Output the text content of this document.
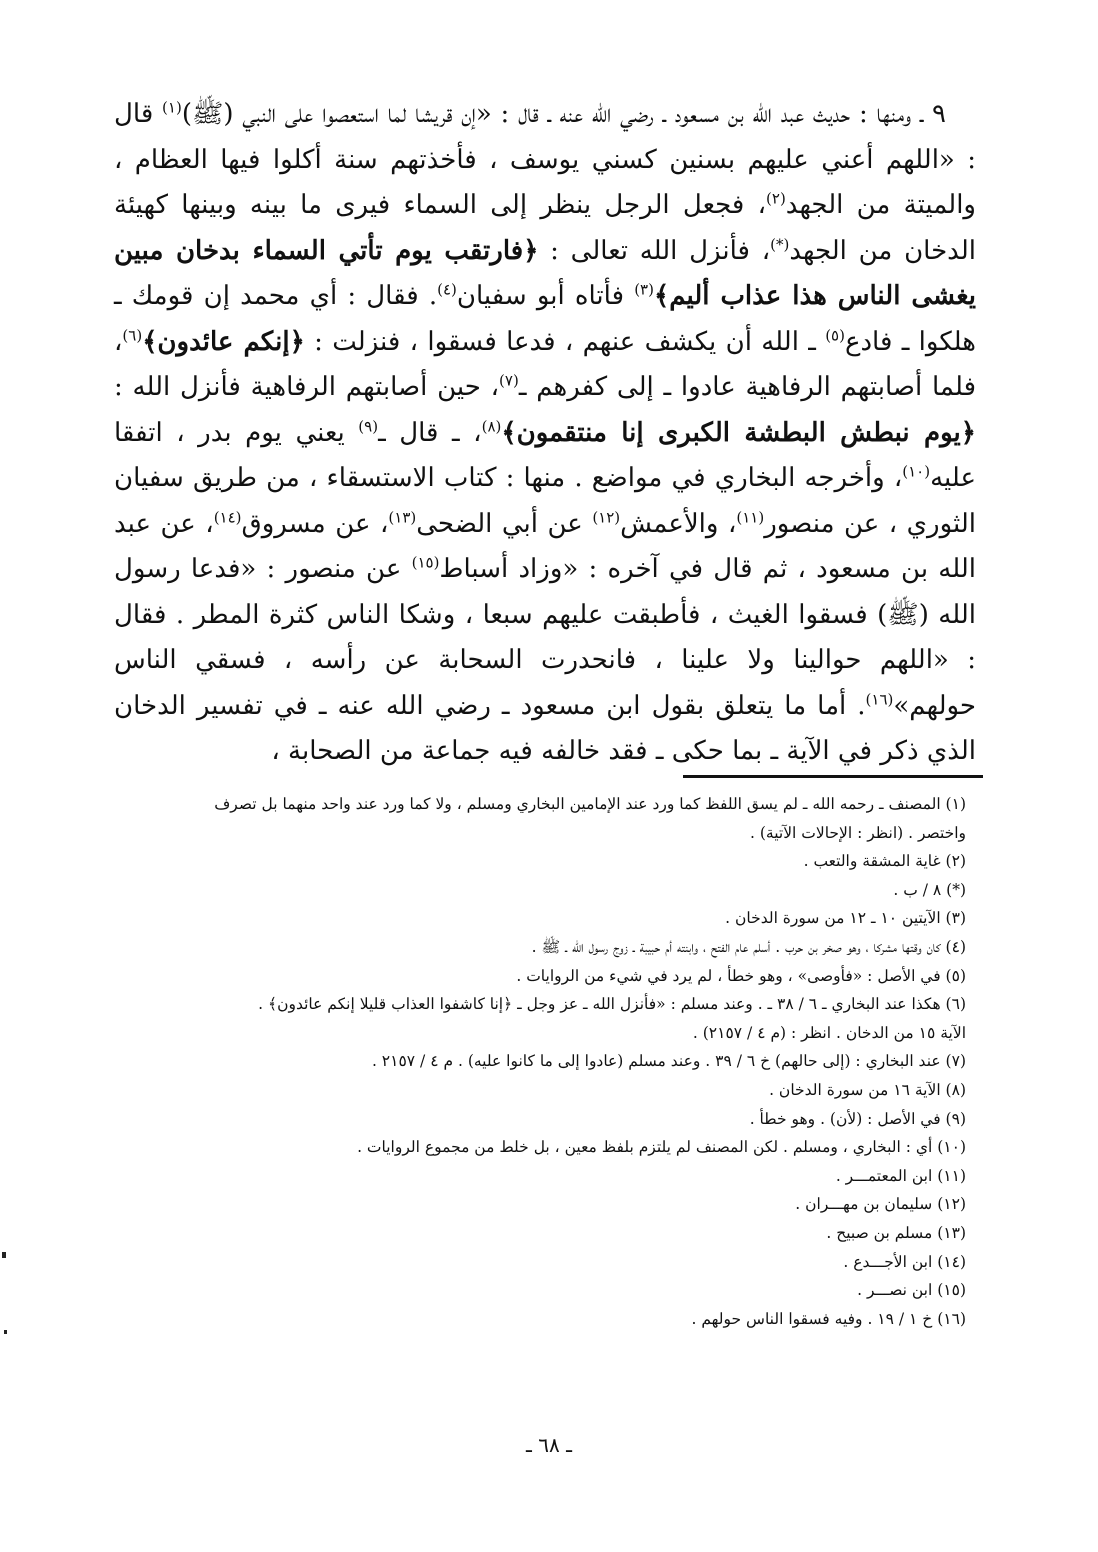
٩ ـ ومنها : حديث عبد الله بن مسعود ـ رضي الله عنه ـ قال : «إن قريشا لما استعصوا على النبي (ﷺ)$^{(١)}$ قال : «اللهم أعني عليهم بسنين كسني يوسف ، فأخذتهم سنة أكلوا فيها العظام ، والميتة من الجهد$^{(٢)}$، فجعل الرجل ينظر إلى السماء فيرى ما بينه وبينها كهيئة الدخان من الجهد(*)، فأنزل الله تعالى : ﴿فارتقب يوم تأتي السماء بدخان مبين يغشى الناس هذا عذاب أليم﴾$^{(٣)}$ فأتاه أبو سفيان$^{(٤)}$. فقال : أي محمد إن قومك ـ هلكوا ـ فادع$^{(٥)}$ ـ الله أن يكشف عنهم ، فدعا فسقوا ، فنزلت : ﴿إنكم عائدون﴾$^{(٦)}$، فلما أصابتهم الرفاهية عادوا ـ إلى كفرهم ـ$^{(٧)}$، حين أصابتهم الرفاهية فأنزل الله : ﴿يوم نبطش البطشة الكبرى إنا منتقمون﴾$^{(٨)}$، ـ قال ـ$^{(٩)}$ يعني يوم بدر ، اتفقا عليه$^{(١٠)}$، وأخرجه البخاري في مواضع . منها : كتاب الاستسقاء ، من طريق سفيان الثوري ، عن منصور$^{(١١)}$، والأعمش$^{(١٢)}$ عن أبي الضحى$^{(١٣)}$، عن مسروق$^{(١٤)}$، عن عبد الله بن مسعود ، ثم قال في آخره : «وزاد أسباط$^{(١٥)}$ عن منصور : «فدعا رسول الله (ﷺ) فسقوا الغيث ، فأطبقت عليهم سبعا ، وشكا الناس كثرة المطر . فقال : «اللهم حوالينا ولا علينا ، فانحدرت السحابة عن رأسه ، فسقي الناس حولهم»$^{(١٦)}$. أما ما يتعلق بقول ابن مسعود ـ رضي الله عنه ـ في تفسير الدخان الذي ذكر في الآية ـ بما حكى ـ فقد خالفه فيه جماعة من الصحابة ،

(١) المصنف ـ رحمه الله ـ لم يسق اللفظ كما ورد عند الإمامين البخاري ومسلم ، ولا كما ورد عند واحد منهما بل تصرف
واختصر . (انظر : الإحالات الآتية) .
(٢) غاية المشقة والتعب .
(*) ٨ / ب .
(٣) الآيتين ١٠ ـ ١٢ من سورة الدخان .
(٤) كان وقتها مشركا ، وهو صخر بن حرب . أسلم عام الفتح ، وابنته أم حبيبة ـ زوج رسول الله ـ ﷺ .
(٥) في الأصل : «فأوصى» ، وهو خطأ ، لم يرد في شيء من الروايات .
(٦) هكذا عند البخاري ـ ٦ / ٣٨ ـ . وعند مسلم : «فأنزل الله ـ عز وجل ـ ﴿إنا كاشفوا العذاب قليلا إنكم عائدون﴾ .
الآية ١٥ من الدخان . انظر : (م ٤ / ٢١٥٧) .
(٧) عند البخاري : (إلى حالهم) خ ٦ / ٣٩ . وعند مسلم (عادوا إلى ما كانوا عليه) . م ٤ / ٢١٥٧ .
(٨) الآية ١٦ من سورة الدخان .
(٩) في الأصل : (لأن) . وهو خطأ .
(١٠) أي : البخاري ، ومسلم . لكن المصنف لم يلتزم بلفظ معين ، بل خلط من مجموع الروايات .
(١١) ابن المعتمـــر .
(١٢) سليمان بن مهـــران .
(١٣) مسلم بن صبيح .
(١٤) ابن الأجـــدع .
(١٥) ابن نصـــر .
(١٦) خ ١ / ١٩ . وفيه فسقوا الناس حولهم .
ـ ٦٨ ـ
